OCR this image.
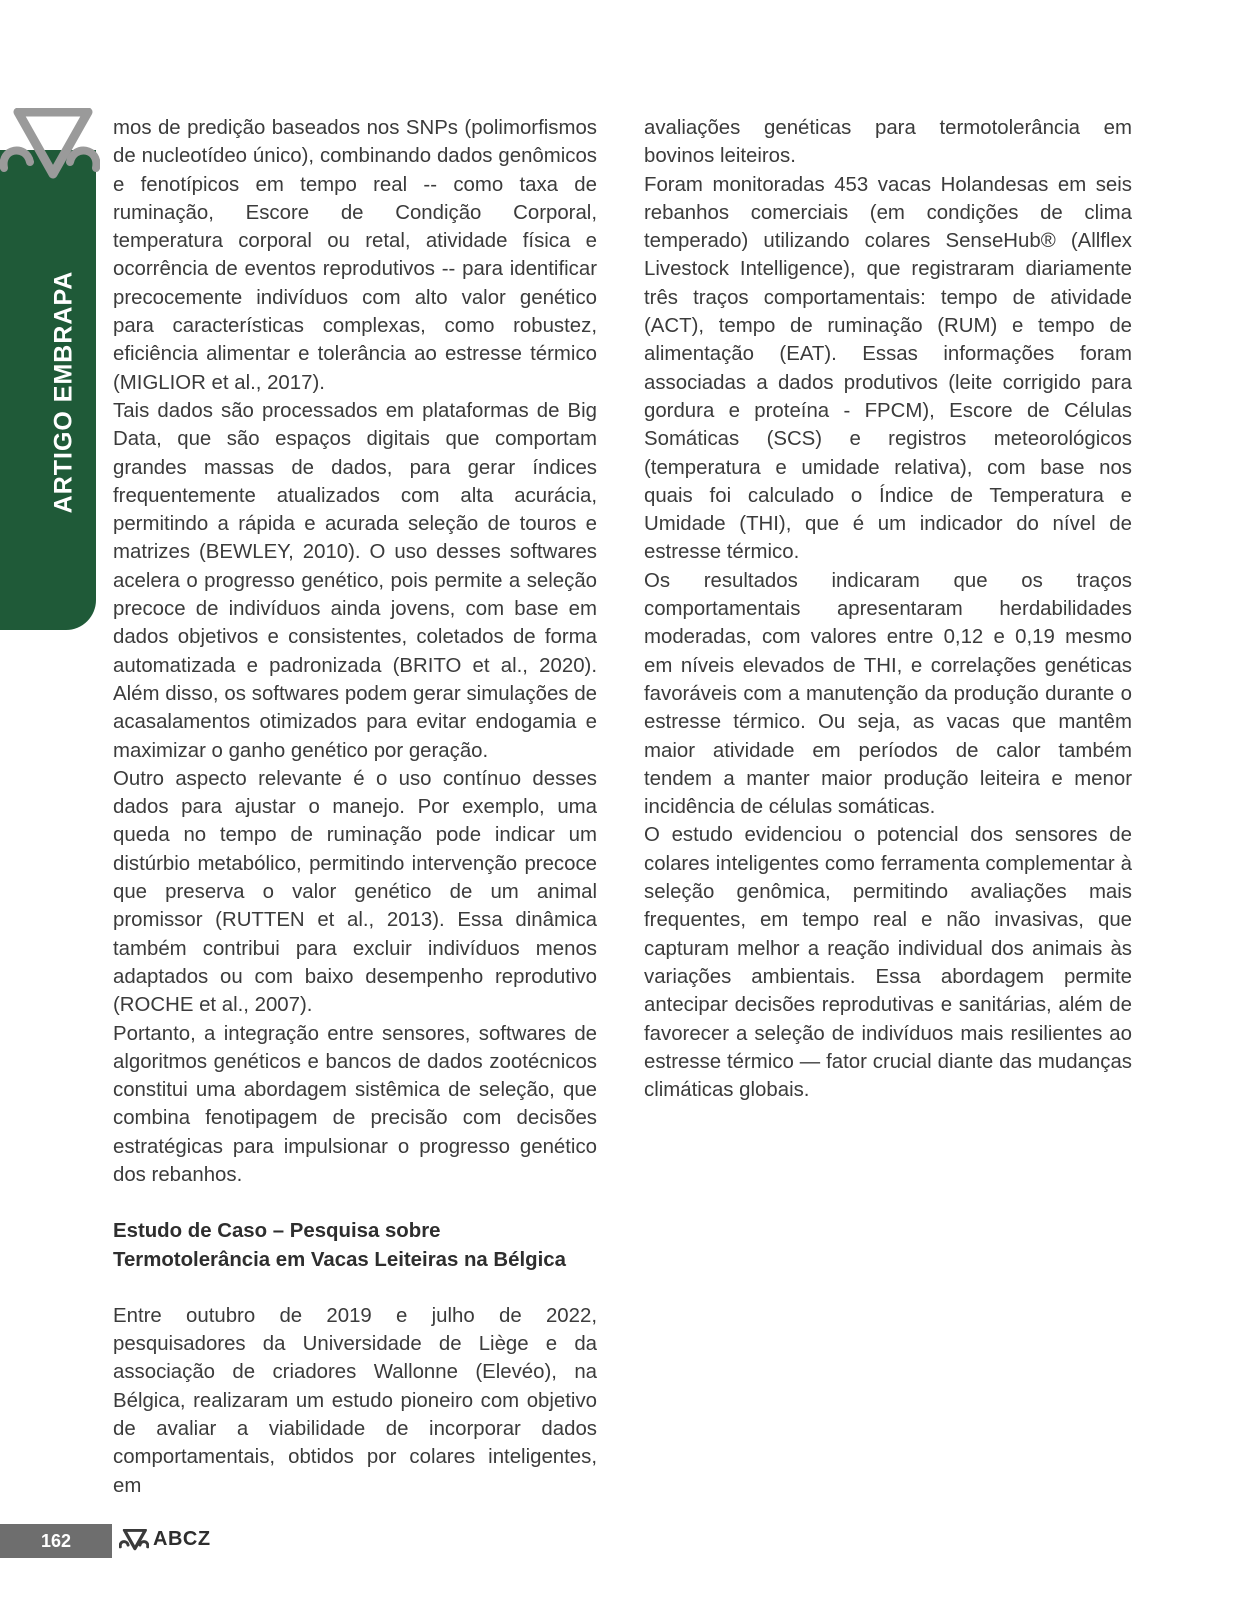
ARTIGO EMBRAPA

mos de predição baseados nos SNPs (polimorfismos de nucleotídeo único), combinando dados genômicos e fenotípicos em tempo real -- como taxa de ruminação, Escore de Condição Corporal, temperatura corporal ou retal, atividade física e ocorrência de eventos reprodutivos -- para identificar precocemente indivíduos com alto valor genético para características complexas, como robustez, eficiência alimentar e tolerância ao estresse térmico (MIGLIOR et al., 2017).

Tais dados são processados em plataformas de Big Data, que são espaços digitais que comportam grandes massas de dados, para gerar índices frequentemente atualizados com alta acurácia, permitindo a rápida e acurada seleção de touros e matrizes (BEWLEY, 2010). O uso desses softwares acelera o progresso genético, pois permite a seleção precoce de indivíduos ainda jovens, com base em dados objetivos e consistentes, coletados de forma automatizada e padronizada (BRITO et al., 2020). Além disso, os softwares podem gerar simulações de acasalamentos otimizados para evitar endogamia e maximizar o ganho genético por geração.

Outro aspecto relevante é o uso contínuo desses dados para ajustar o manejo. Por exemplo, uma queda no tempo de ruminação pode indicar um distúrbio metabólico, permitindo intervenção precoce que preserva o valor genético de um animal promissor (RUTTEN et al., 2013). Essa dinâmica também contribui para excluir indivíduos menos adaptados ou com baixo desempenho reprodutivo (ROCHE et al., 2007).

Portanto, a integração entre sensores, softwares de algoritmos genéticos e bancos de dados zootécnicos constitui uma abordagem sistêmica de seleção, que combina fenotipagem de precisão com decisões estratégicas para impulsionar o progresso genético dos rebanhos.

Estudo de Caso – Pesquisa sobre Termotolerância em Vacas Leiteiras na Bélgica

Entre outubro de 2019 e julho de 2022, pesquisadores da Universidade de Liège e da associação de criadores Wallonne (Elevéo), na Bélgica, realizaram um estudo pioneiro com objetivo de avaliar a viabilidade de incorporar dados comportamentais, obtidos por colares inteligentes, em

avaliações genéticas para termotolerância em bovinos leiteiros.

Foram monitoradas 453 vacas Holandesas em seis rebanhos comerciais (em condições de clima temperado) utilizando colares SenseHub® (Allflex Livestock Intelligence), que registraram diariamente três traços comportamentais: tempo de atividade (ACT), tempo de ruminação (RUM) e tempo de alimentação (EAT). Essas informações foram associadas a dados produtivos (leite corrigido para gordura e proteína - FPCM), Escore de Células Somáticas (SCS) e registros meteorológicos (temperatura e umidade relativa), com base nos quais foi calculado o Índice de Temperatura e Umidade (THI), que é um indicador do nível de estresse térmico.

Os resultados indicaram que os traços comportamentais apresentaram herdabilidades moderadas, com valores entre 0,12 e 0,19 mesmo em níveis elevados de THI, e correlações genéticas favoráveis com a manutenção da produção durante o estresse térmico. Ou seja, as vacas que mantêm maior atividade em períodos de calor também tendem a manter maior produção leiteira e menor incidência de células somáticas.

O estudo evidenciou o potencial dos sensores de colares inteligentes como ferramenta complementar à seleção genômica, permitindo avaliações mais frequentes, em tempo real e não invasivas, que capturam melhor a reação individual dos animais às variações ambientais. Essa abordagem permite antecipar decisões reprodutivas e sanitárias, além de favorecer a seleção de indivíduos mais resilientes ao estresse térmico — fator crucial diante das mudanças climáticas globais.

162	ABCZ
